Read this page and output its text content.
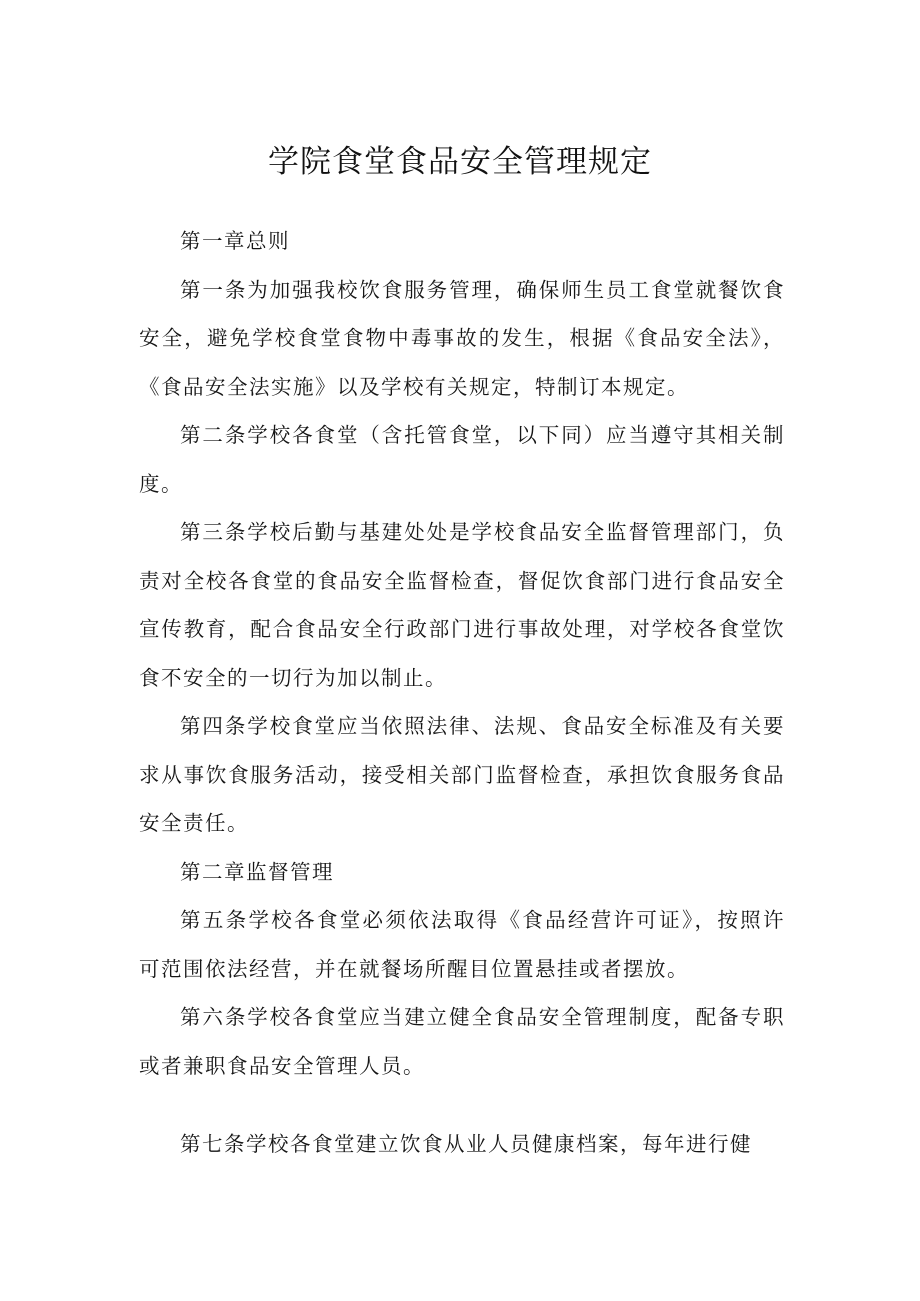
学院食堂食品安全管理规定

第一章总则

第一条为加强我校饮食服务管理，确保师生员工食堂就餐饮食安全，避免学校食堂食物中毒事故的发生，根据《食品安全法》，《食品安全法实施》以及学校有关规定，特制订本规定。

第二条学校各食堂（含托管食堂，以下同）应当遵守其相关制度。

第三条学校后勤与基建处处是学校食品安全监督管理部门，负责对全校各食堂的食品安全监督检查，督促饮食部门进行食品安全宣传教育，配合食品安全行政部门进行事故处理，对学校各食堂饮食不安全的一切行为加以制止。

第四条学校食堂应当依照法律、法规、食品安全标准及有关要求从事饮食服务活动，接受相关部门监督检查，承担饮食服务食品安全责任。

第二章监督管理

第五条学校各食堂必须依法取得《食品经营许可证》，按照许可范围依法经营，并在就餐场所醒目位置悬挂或者摆放。

第六条学校各食堂应当建立健全食品安全管理制度，配备专职或者兼职食品安全管理人员。

第七条学校各食堂建立饮食从业人员健康档案，每年进行健
